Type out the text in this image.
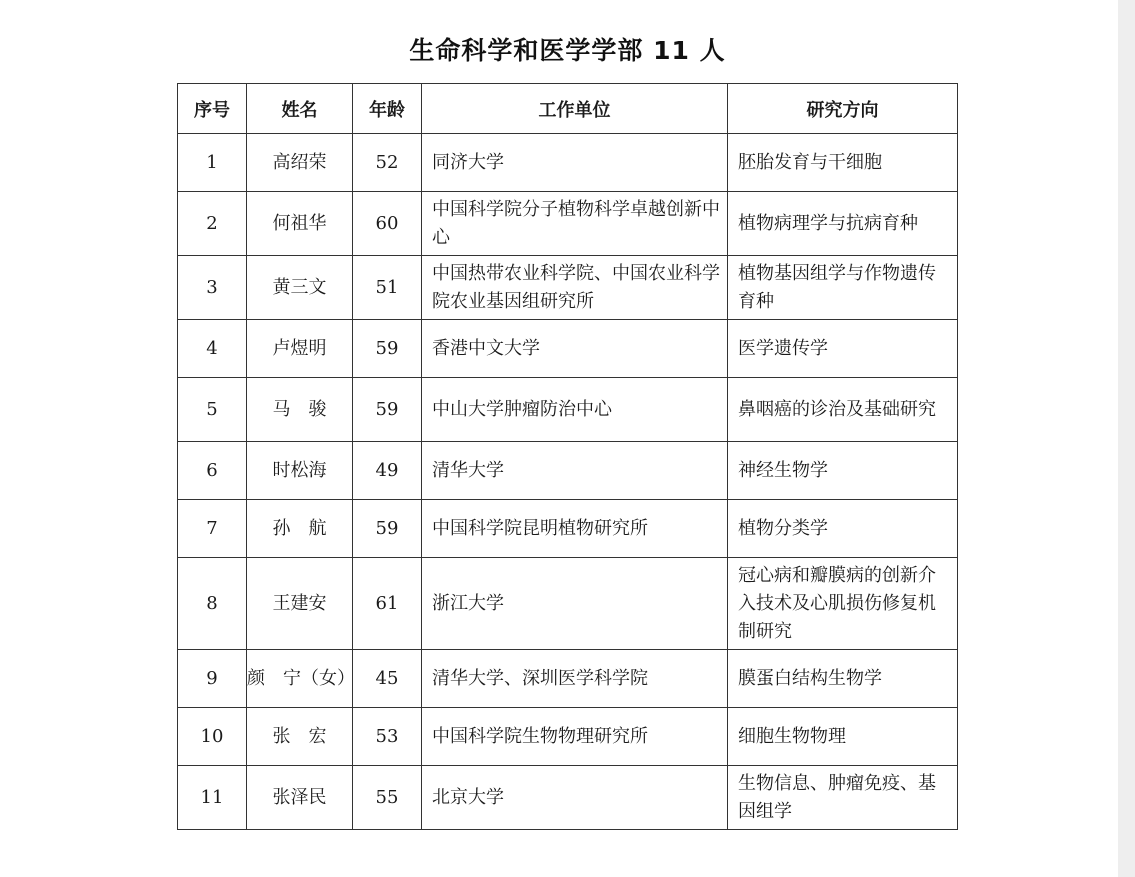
生命科学和医学学部 11 人
序号	姓名	年龄	工作单位	研究方向
1	高绍荣	52	同济大学	胚胎发育与干细胞
2	何祖华	60	中国科学院分子植物科学卓越创新中心	植物病理学与抗病育种
3	黄三文	51	中国热带农业科学院、中国农业科学院农业基因组研究所	植物基因组学与作物遗传育种
4	卢煜明	59	香港中文大学	医学遗传学
5	马　骏	59	中山大学肿瘤防治中心	鼻咽癌的诊治及基础研究
6	时松海	49	清华大学	神经生物学
7	孙　航	59	中国科学院昆明植物研究所	植物分类学
8	王建安	61	浙江大学	冠心病和瓣膜病的创新介入技术及心肌损伤修复机制研究
9	颜　宁（女）	45	清华大学、深圳医学科学院	膜蛋白结构生物学
10	张　宏	53	中国科学院生物物理研究所	细胞生物物理
11	张泽民	55	北京大学	生物信息、肿瘤免疫、基因组学
